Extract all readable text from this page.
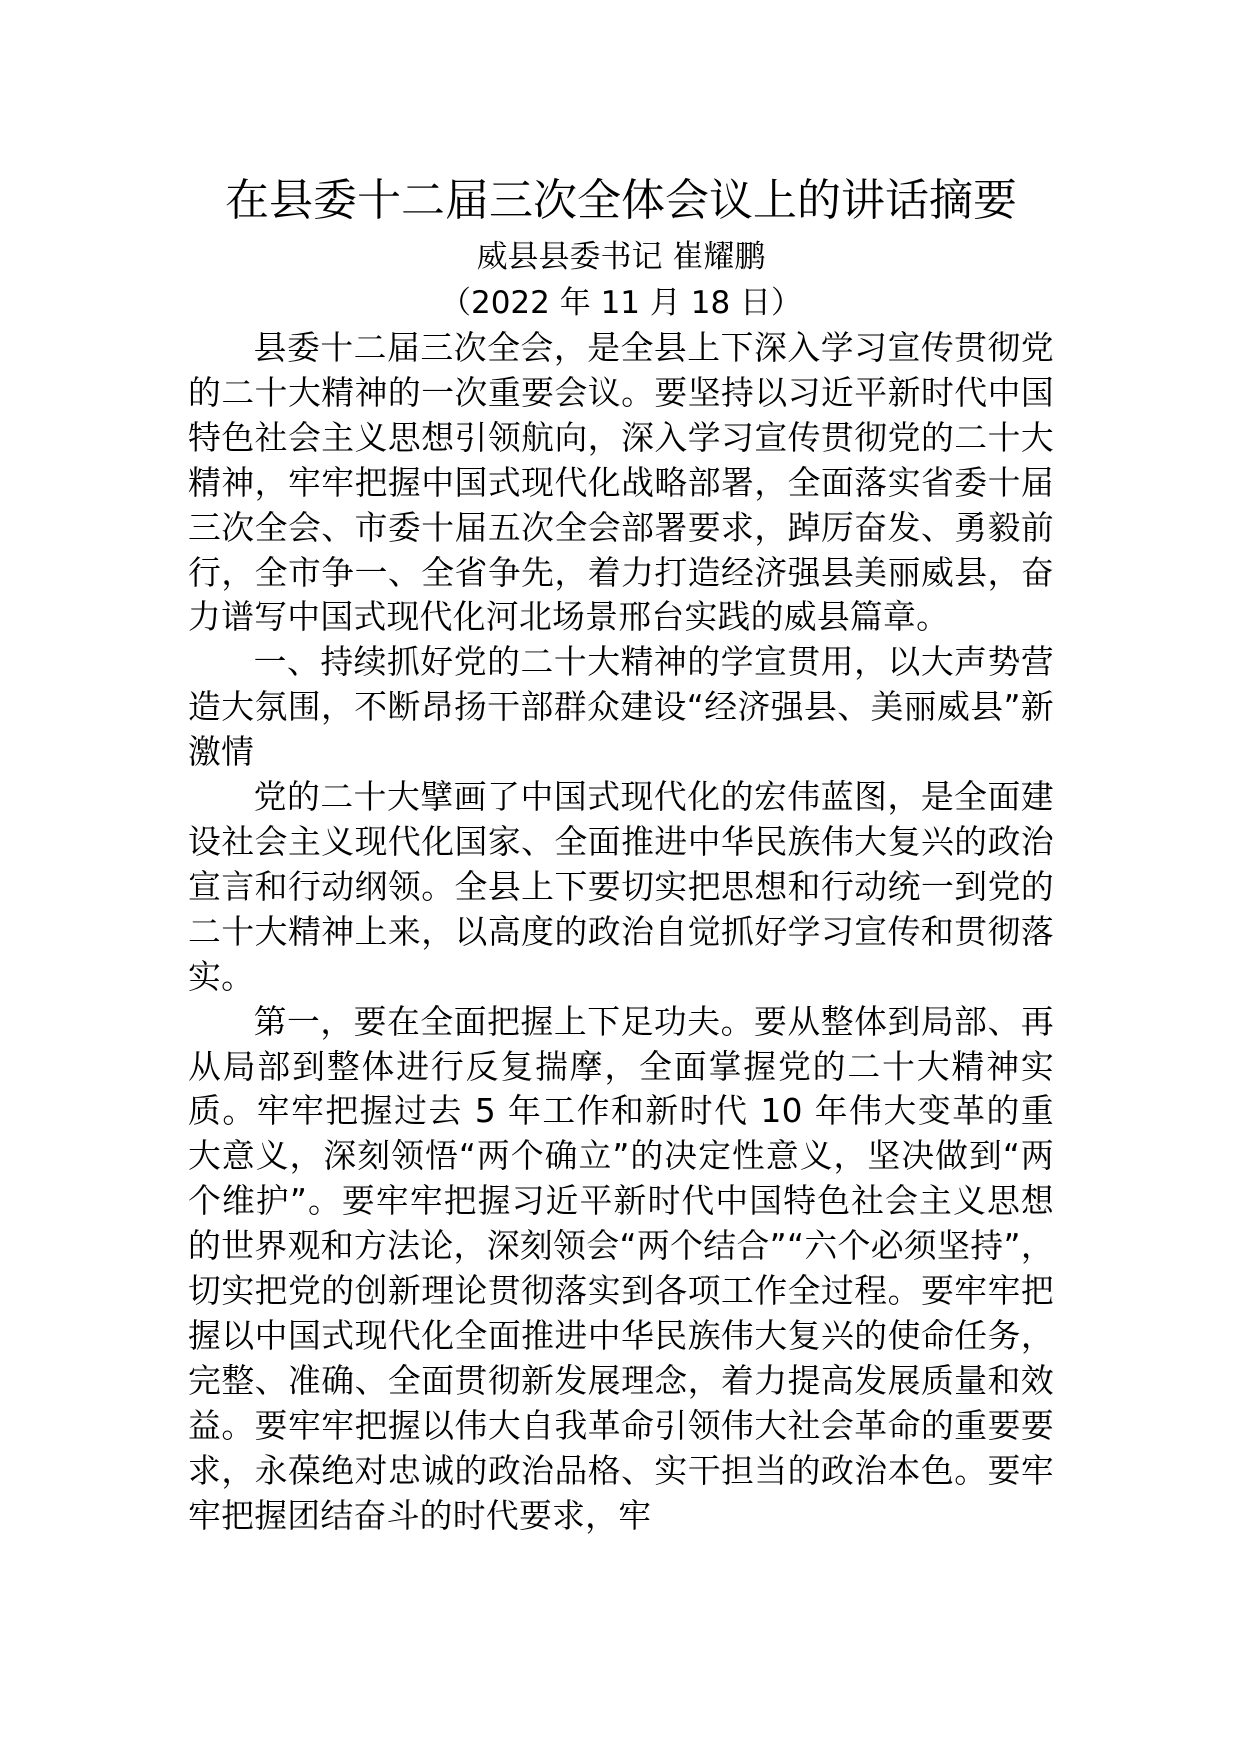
在县委十二届三次全体会议上的讲话摘要

威县县委书记 崔耀鹏

（2022 年 11 月 18 日）

县委十二届三次全会，是全县上下深入学习宣传贯彻党的二十大精神的一次重要会议。要坚持以习近平新时代中国特色社会主义思想引领航向，深入学习宣传贯彻党的二十大精神，牢牢把握中国式现代化战略部署，全面落实省委十届三次全会、市委十届五次全会部署要求，踔厉奋发、勇毅前行，全市争一、全省争先，着力打造经济强县美丽威县，奋力谱写中国式现代化河北场景邢台实践的威县篇章。

一、持续抓好党的二十大精神的学宣贯用，以大声势营造大氛围，不断昂扬干部群众建设“经济强县、美丽威县”新激情

党的二十大擘画了中国式现代化的宏伟蓝图，是全面建设社会主义现代化国家、全面推进中华民族伟大复兴的政治宣言和行动纲领。全县上下要切实把思想和行动统一到党的二十大精神上来，以高度的政治自觉抓好学习宣传和贯彻落实。

第一，要在全面把握上下足功夫。要从整体到局部、再从局部到整体进行反复揣摩，全面掌握党的二十大精神实质。牢牢把握过去 5 年工作和新时代 10 年伟大变革的重大意义，深刻领悟“两个确立”的决定性意义，坚决做到“两个维护”。要牢牢把握习近平新时代中国特色社会主义思想的世界观和方法论，深刻领会“两个结合”“六个必须坚持”，切实把党的创新理论贯彻落实到各项工作全过程。要牢牢把握以中国式现代化全面推进中华民族伟大复兴的使命任务，完整、准确、全面贯彻新发展理念，着力提高发展质量和效益。要牢牢把握以伟大自我革命引领伟大社会革命的重要要求，永葆绝对忠诚的政治品格、实干担当的政治本色。要牢牢把握团结奋斗的时代要求，牢
